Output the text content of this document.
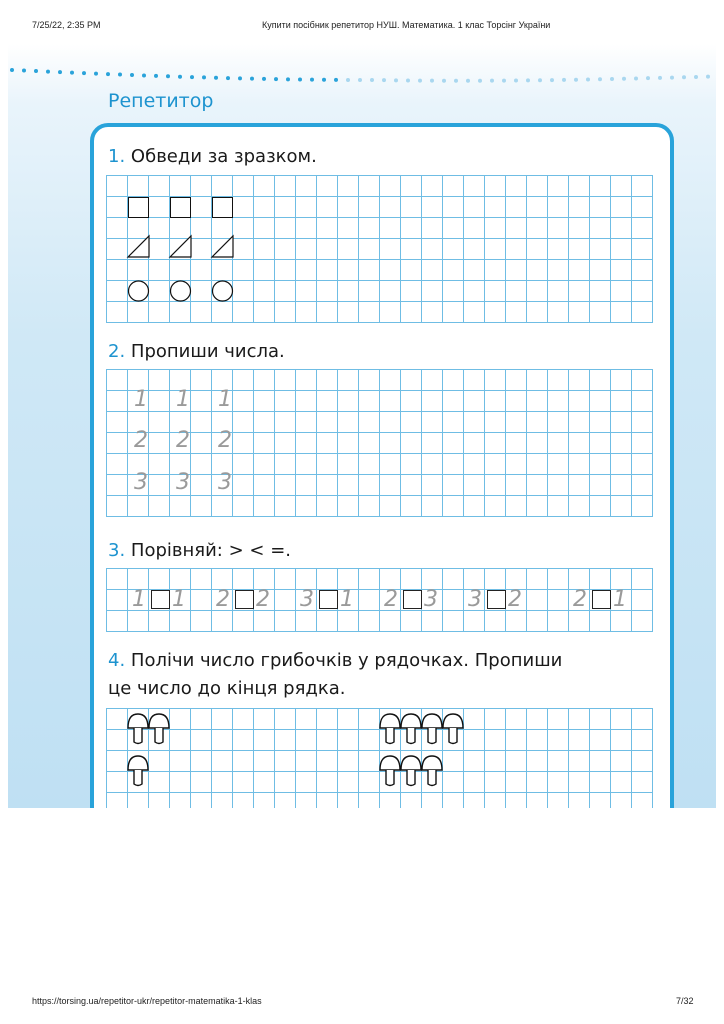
7/25/22, 2:35 PM	Купити посібник репетитор НУШ. Математика. 1 клас Торсінг України
Репетитор
1. Обведи за зразком.
2. Пропиши числа.
1 1 1
2 2 2
3 3 3
3. Порівняй: > < =.
1 1 2 2 3 1 2 3 3 2 2 1
4. Полічи число грибочків у рядочках. Пропиши
це число до кінця рядка.
https://torsing.ua/repetitor-ukr/repetitor-matematika-1-klas	7/32
